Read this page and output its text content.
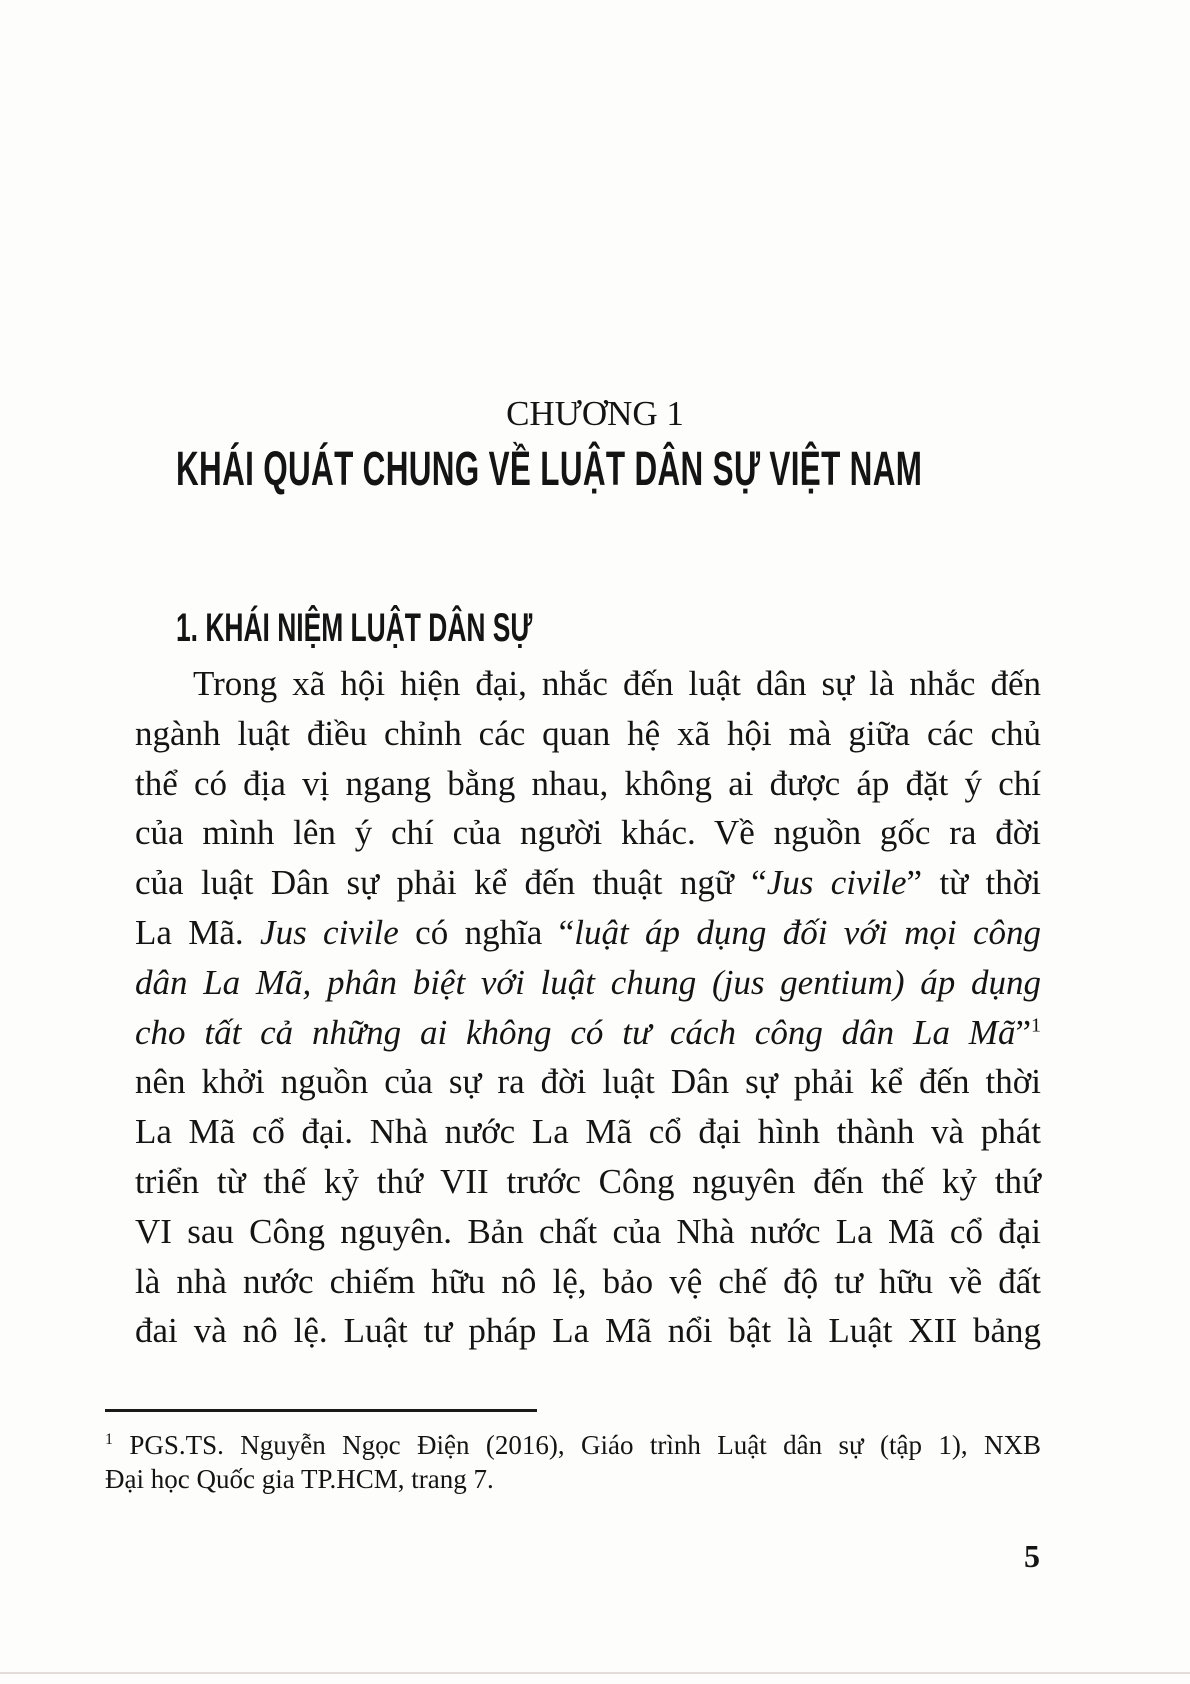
CHƯƠNG 1
KHÁI QUÁT CHUNG VỀ LUẬT DÂN SỰ VIỆT NAM
1. KHÁI NIỆM LUẬT DÂN SỰ
Trong xã hội hiện đại, nhắc đến luật dân sự là nhắc đến
ngành luật điều chỉnh các quan hệ xã hội mà giữa các chủ
thể có địa vị ngang bằng nhau, không ai được áp đặt ý chí
của mình lên ý chí của người khác. Về nguồn gốc ra đời
của luật Dân sự phải kể đến thuật ngữ “Jus civile” từ thời
La Mã. Jus civile có nghĩa “luật áp dụng đối với mọi công
dân La Mã, phân biệt với luật chung (jus gentium) áp dụng
cho tất cả những ai không có tư cách công dân La Mã”$^1$
nên khởi nguồn của sự ra đời luật Dân sự phải kể đến thời
La Mã cổ đại. Nhà nước La Mã cổ đại hình thành và phát
triển từ thế kỷ thứ VII trước Công nguyên đến thế kỷ thứ
VI sau Công nguyên. Bản chất của Nhà nước La Mã cổ đại
là nhà nước chiếm hữu nô lệ, bảo vệ chế độ tư hữu về đất
đai và nô lệ. Luật tư pháp La Mã nổi bật là Luật XII bảng
$^1$ PGS.TS. Nguyễn Ngọc Điện (2016), Giáo trình Luật dân sự (tập 1), NXB
Đại học Quốc gia TP.HCM, trang 7.
5
